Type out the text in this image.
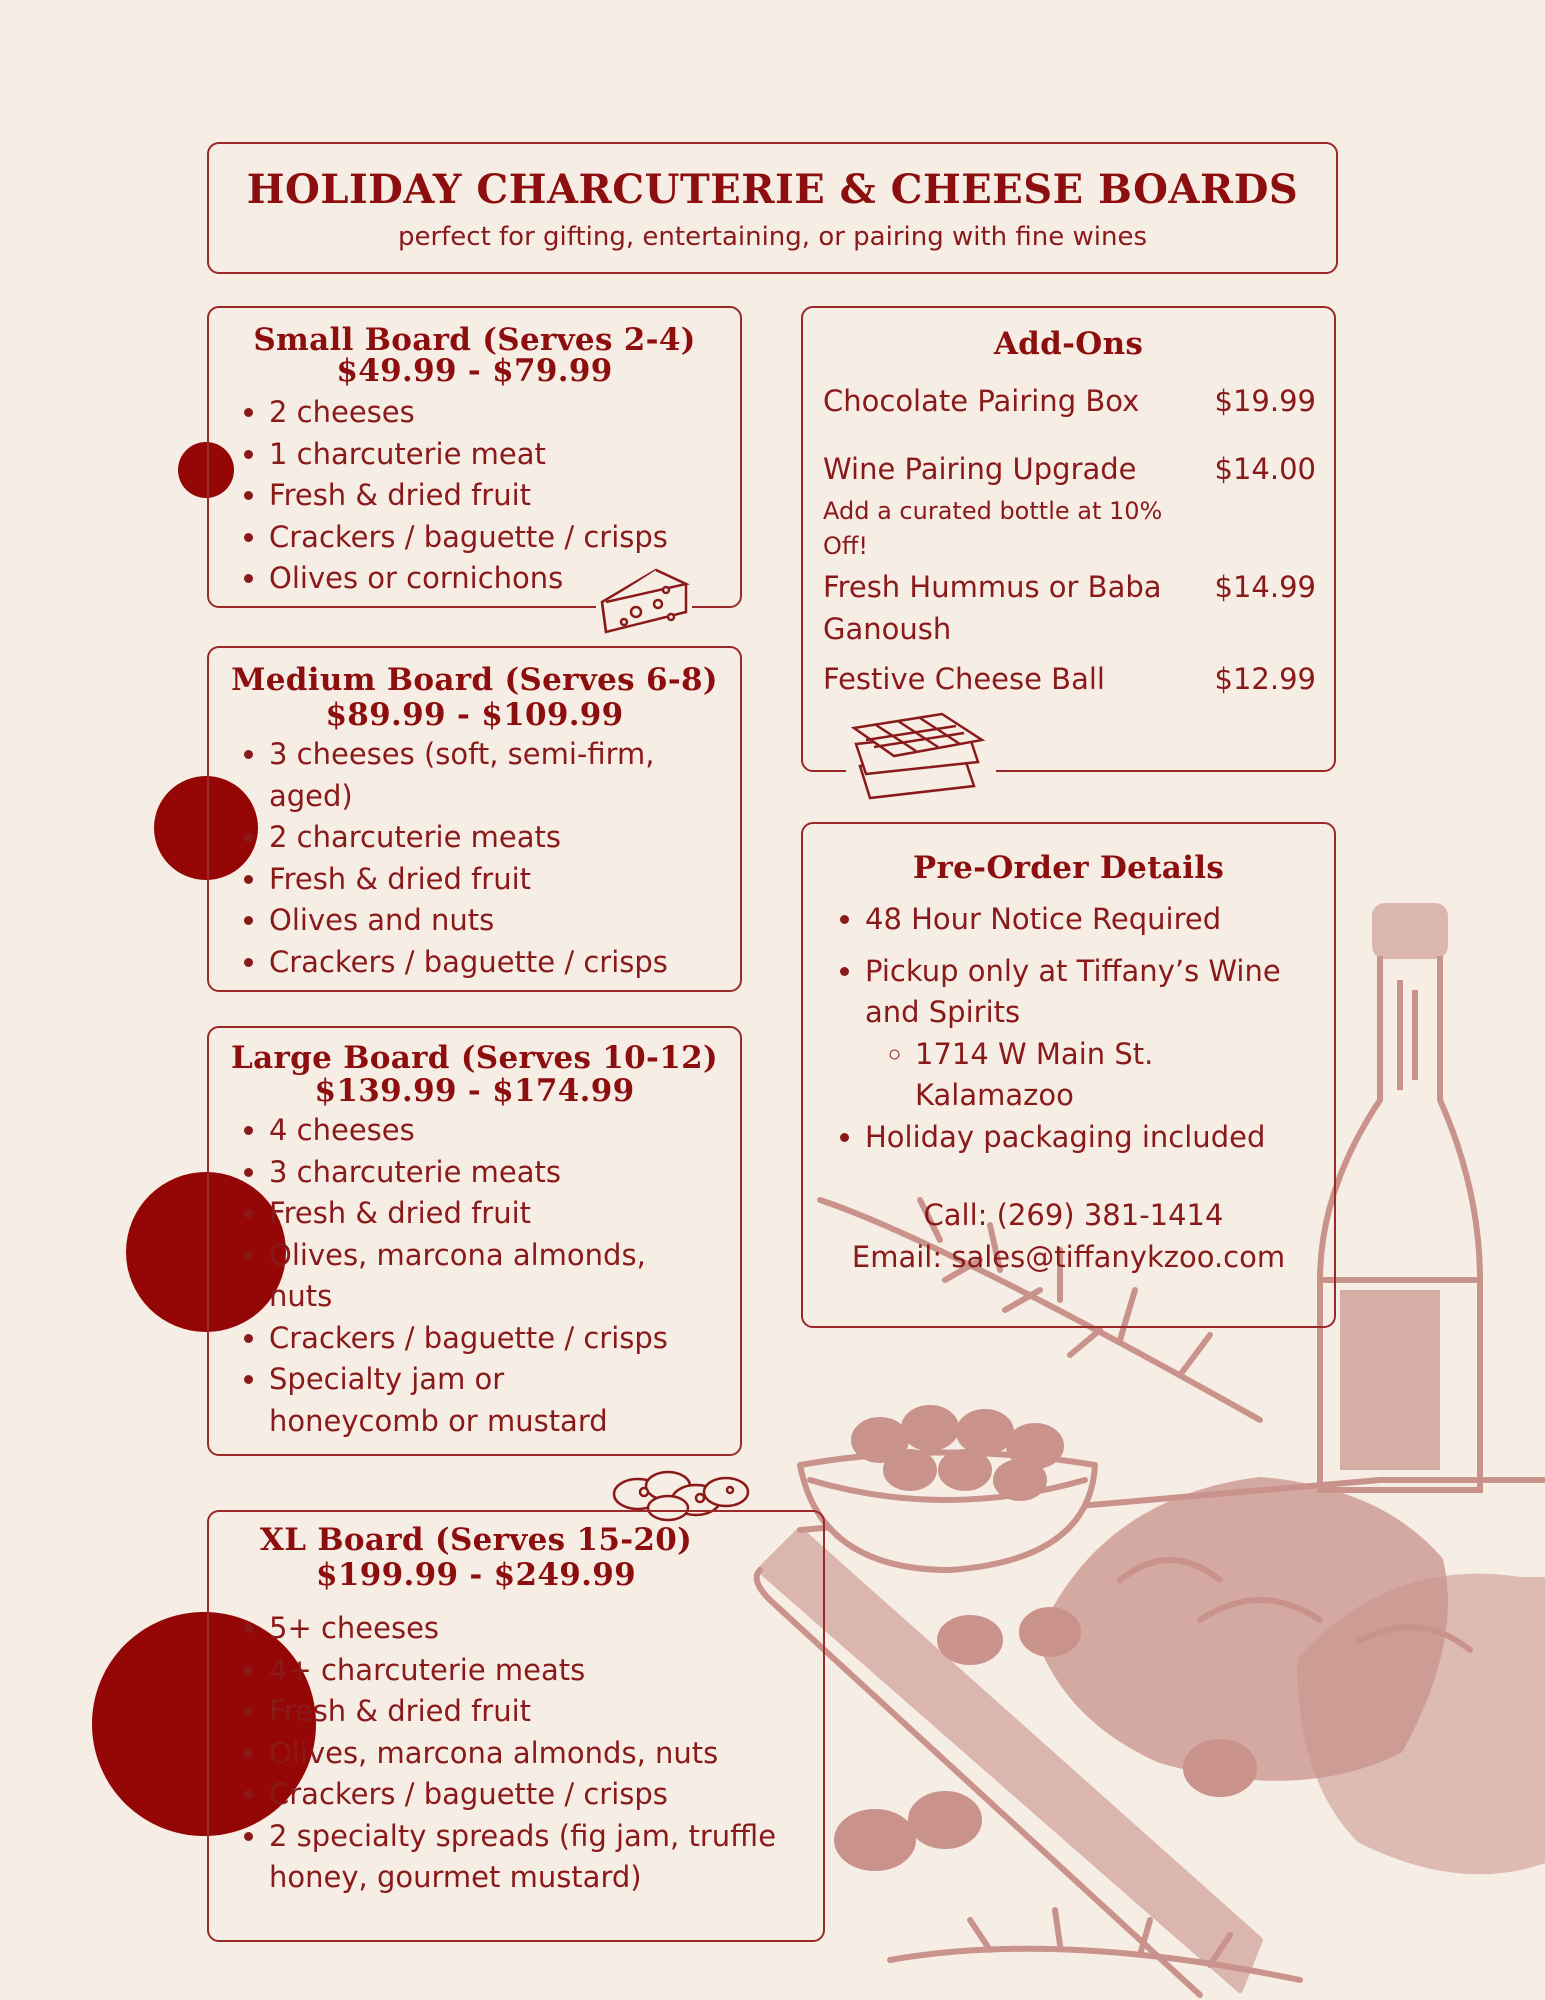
HOLIDAY CHARCUTERIE & CHEESE BOARDS
perfect for gifting, entertaining, or pairing with fine wines
Small Board (Serves 2-4)
$49.99 - $79.99
• 2 cheeses
• 1 charcuterie meat
• Fresh & dried fruit
• Crackers / baguette / crisps
• Olives or cornichons
Medium Board (Serves 6-8)
$89.99 - $109.99
• 3 cheeses (soft, semi-firm, aged)
• 2 charcuterie meats
• Fresh & dried fruit
• Olives and nuts
• Crackers / baguette / crisps
Large Board (Serves 10-12)
$139.99 - $174.99
• 4 cheeses
• 3 charcuterie meats
• Fresh & dried fruit
• Olives, marcona almonds, nuts
• Crackers / baguette / crisps
• Specialty jam or honeycomb or mustard
XL Board (Serves 15-20)
$199.99 - $249.99
• 5+ cheeses
• 4+ charcuterie meats
• Fresh & dried fruit
• Olives, marcona almonds, nuts
• Crackers / baguette / crisps
• 2 specialty spreads (fig jam, truffle honey, gourmet mustard)
Add-Ons
Chocolate Pairing Box	$19.99
Wine Pairing Upgrade	$14.00
Add a curated bottle at 10% Off!
Fresh Hummus or Baba Ganoush
$14.99
Festive Cheese Ball	$12.99
Pre-Order Details
• 48 Hour Notice Required
• Pickup only at Tiffany’s Wine and Spirits
◦ 1714 W Main St. Kalamazoo
• Holiday packaging included
Call: (269) 381-1414
Email: sales@tiffanykzoo.com
